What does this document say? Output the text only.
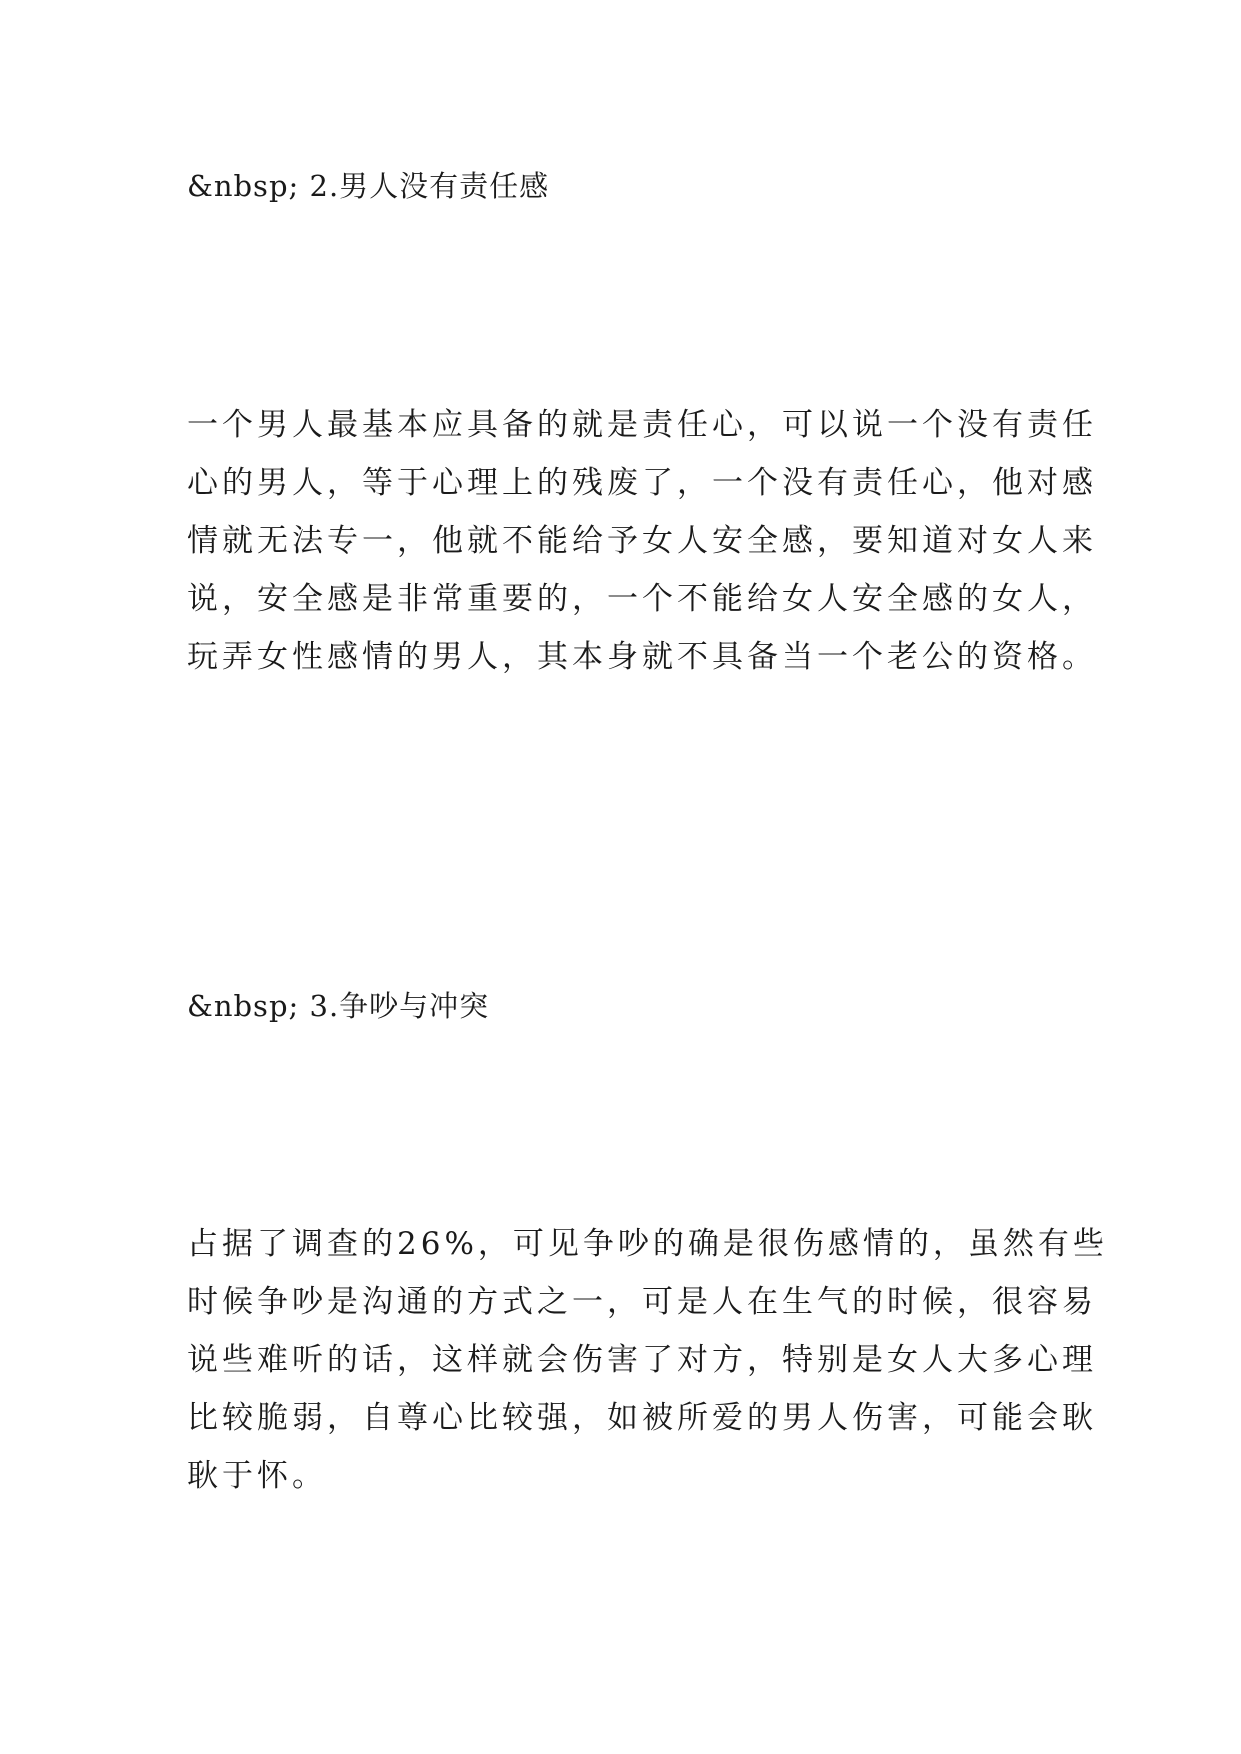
&nbsp; 2.男人没有责任感
一个男人最基本应具备的就是责任心，可以说一个没有责任
心的男人，等于心理上的残废了，一个没有责任心，他对感
情就无法专一，他就不能给予女人安全感，要知道对女人来
说，安全感是非常重要的，一个不能给女人安全感的女人，
玩弄女性感情的男人，其本身就不具备当一个老公的资格。
&nbsp; 3.争吵与冲突
占据了调查的26%，可见争吵的确是很伤感情的，虽然有些
时候争吵是沟通的方式之一，可是人在生气的时候，很容易
说些难听的话，这样就会伤害了对方，特别是女人大多心理
比较脆弱，自尊心比较强，如被所爱的男人伤害，可能会耿
耿于怀。
